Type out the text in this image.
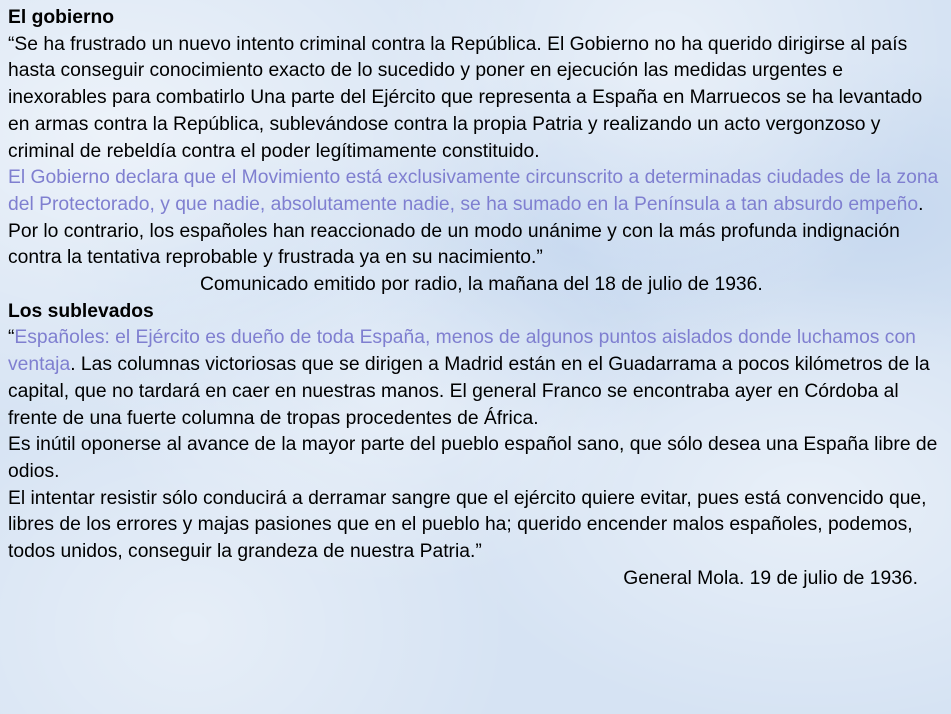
El gobierno

“Se ha frustrado un nuevo intento criminal contra la República. El Gobierno no ha querido dirigirse al país hasta conseguir conocimiento exacto de lo sucedido y poner en ejecución las medidas urgentes e inexorables para combatirlo Una parte del Ejército que representa a España en Marruecos se ha levantado en armas contra la República, sublevándose contra la propia Patria y realizando un acto vergonzoso y criminal de rebeldía contra el poder legítimamente constituido.

El Gobierno declara que el Movimiento está exclusivamente circunscrito a determinadas ciudades de la zona del Protectorado, y que nadie, absolutamente nadie, se ha sumado en la Península a tan absurdo empeño. Por lo contrario, los españoles han reaccionado de un modo unánime y con la más profunda indignación contra la tentativa reprobable y frustrada ya en su nacimiento.”

Comunicado emitido por radio, la mañana del 18 de julio de 1936.

Los sublevados

“Españoles: el Ejército es dueño de toda España, menos de algunos puntos aislados donde luchamos con ventaja. Las columnas victoriosas que se dirigen a Madrid están en el Guadarrama a pocos kilómetros de la capital, que no tardará en caer en nuestras manos. El general Franco se encontraba ayer en Córdoba al frente de una fuerte columna de tropas procedentes de África.

Es inútil oponerse al avance de la mayor parte del pueblo español sano, que sólo desea una España libre de odios.

El intentar resistir sólo conducirá a derramar sangre que el ejército quiere evitar, pues está convencido que, libres de los errores y majas pasiones que en el pueblo ha; querido encender malos españoles, podemos, todos unidos, conseguir la grandeza de nuestra Patria.”

General Mola. 19 de julio de 1936.
